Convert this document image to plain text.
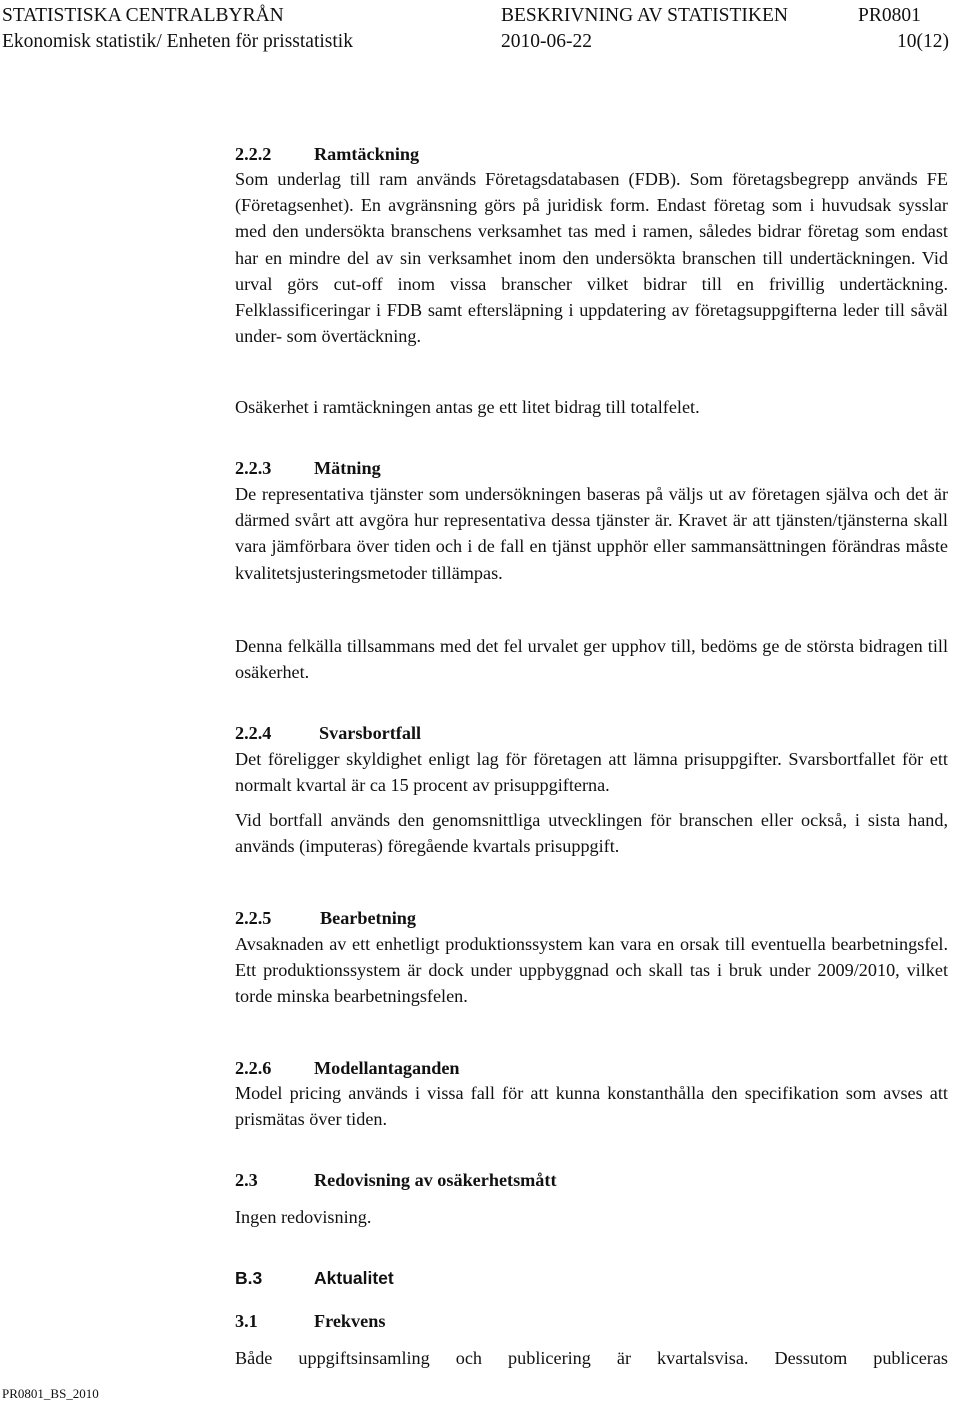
STATISTISKA CENTRALBYRÅN	BESKRIVNING AV STATISTIKEN	PR0801
Ekonomisk statistik/ Enheten för prisstatistik	2010-06-22	10(12)
2.2.2 Ramtäckning

Som underlag till ram används Företagsdatabasen (FDB). Som företagsbegrepp används FE (Företagsenhet). En avgränsning görs på juridisk form. Endast företag som i huvudsak sysslar med den undersökta branschens verksamhet tas med i ramen, således bidrar företag som endast har en mindre del av sin verksamhet inom den undersökta branschen till undertäckningen. Vid urval görs cut-off inom vissa branscher vilket bidrar till en frivillig undertäckning. Felklassificeringar i FDB samt eftersläpning i uppdatering av företagsuppgifterna leder till såväl under- som övertäckning.

Osäkerhet i ramtäckningen antas ge ett litet bidrag till totalfelet.

2.2.3 Mätning

De representativa tjänster som undersökningen baseras på väljs ut av företagen själva och det är därmed svårt att avgöra hur representativa dessa tjänster är. Kravet är att tjänsten/tjänsterna skall vara jämförbara över tiden och i de fall en tjänst upphör eller sammansättningen förändras måste kvalitetsjusteringsmetoder tillämpas.

Denna felkälla tillsammans med det fel urvalet ger upphov till, bedöms ge de största bidragen till osäkerhet.

2.2.4	Svarsbortfall

Det föreligger skyldighet enligt lag för företagen att lämna prisuppgifter. Svarsbortfallet för ett normalt kvartal är ca 15 procent av prisuppgifterna.

Vid bortfall används den genomsnittliga utvecklingen för branschen eller också, i sista hand, används (imputeras) föregående kvartals prisuppgift.

2.2.5	Bearbetning

Avsaknaden av ett enhetligt produktionssystem kan vara en orsak till eventuella bearbetningsfel. Ett produktionssystem är dock under uppbyggnad och skall tas i bruk under 2009/2010, vilket torde minska bearbetningsfelen.

2.2.6 Modellantaganden

Model pricing används i vissa fall för att kunna konstanthålla den specifikation som avses att prismätas över tiden.

2.3	Redovisning av osäkerhetsmått

Ingen redovisning.

B.3	Aktualitet
3.1	Frekvens

Både uppgiftsinsamling och publicering är kvartalsvisa. Dessutom publiceras

PR0801_BS_2010
